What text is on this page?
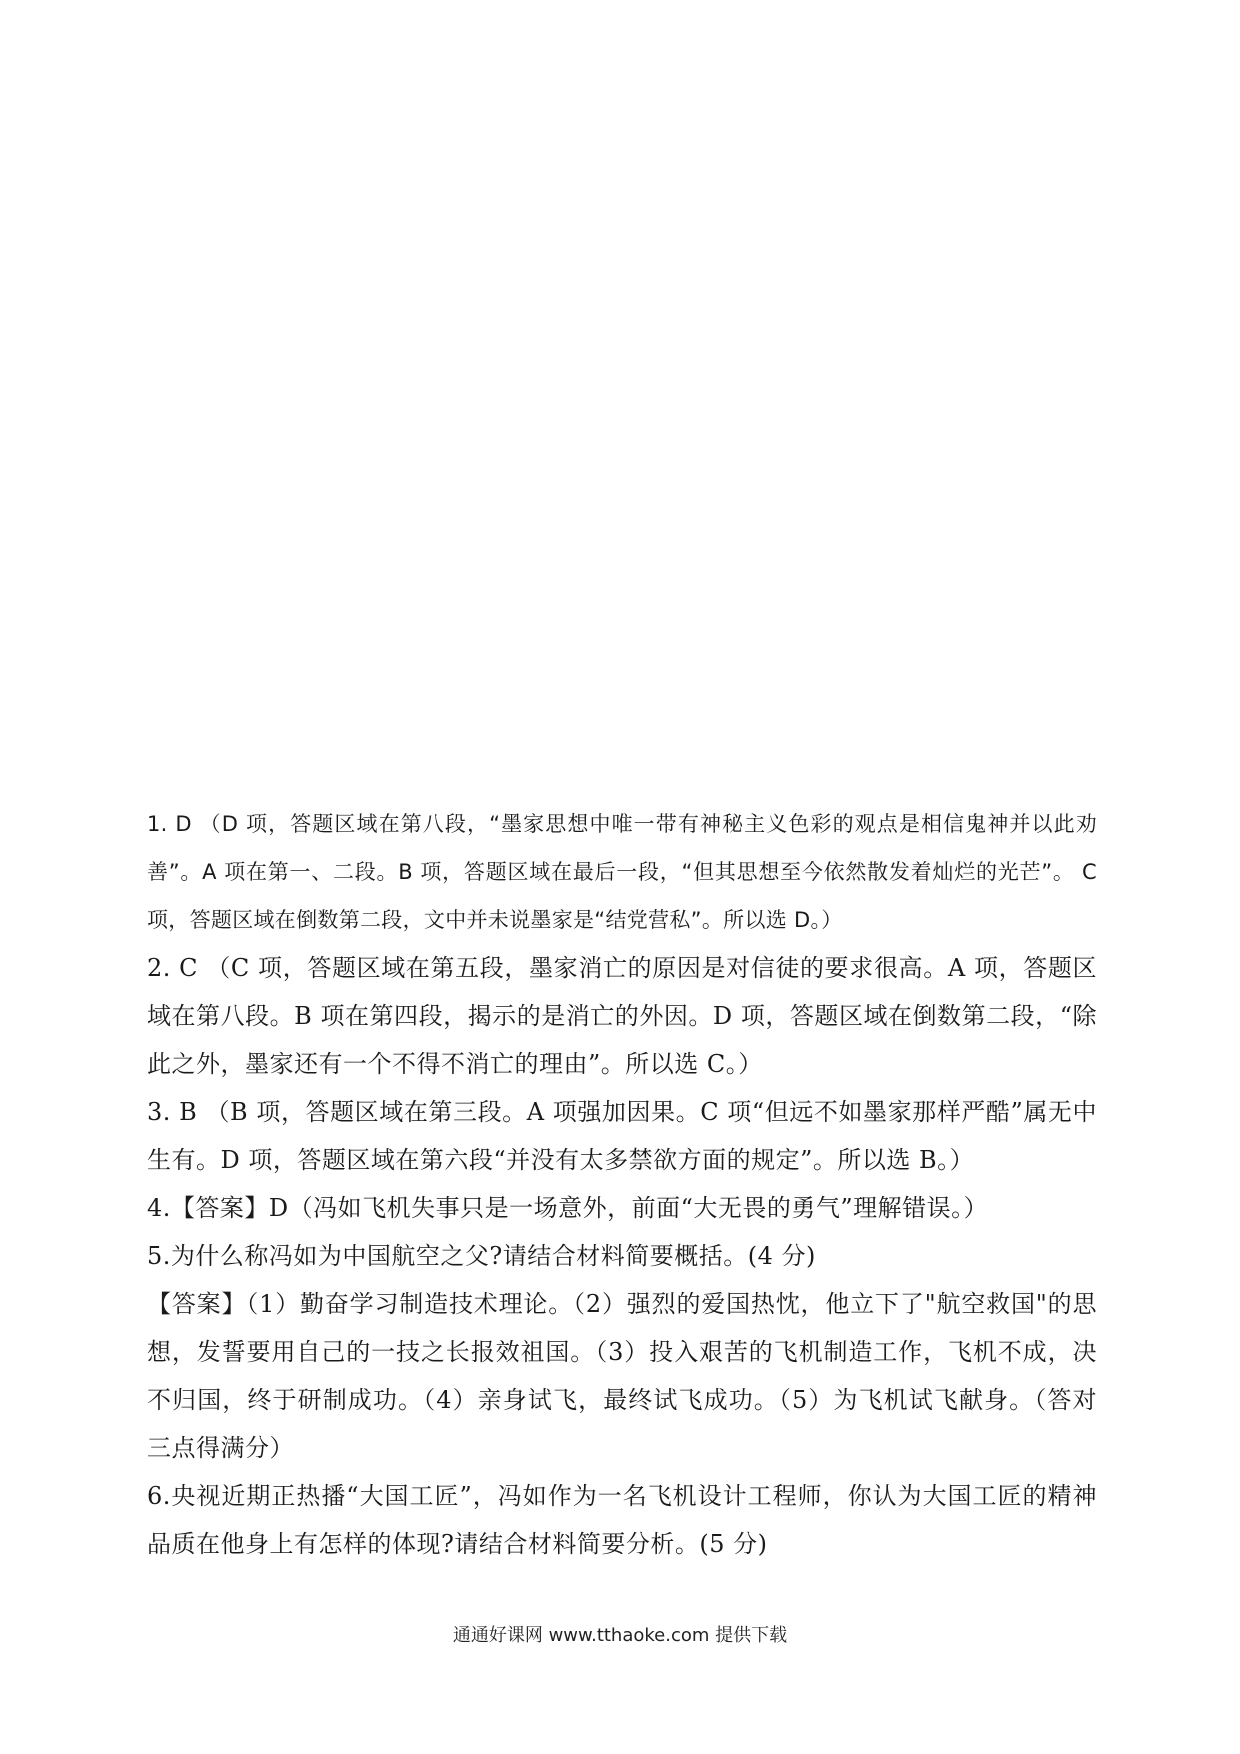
1. D （D 项，答题区域在第八段，“墨家思想中唯一带有神秘主义色彩的观点是相信鬼神并以此劝善”。A 项在第一、二段。B 项，答题区域在最后一段，“但其思想至今依然散发着灿烂的光芒”。 C 项，答题区域在倒数第二段，文中并未说墨家是“结党营私”。所以选 D。）

2. C （C 项，答题区域在第五段，墨家消亡的原因是对信徒的要求很高。A 项，答题区域在第八段。B 项在第四段，揭示的是消亡的外因。D 项，答题区域在倒数第二段，“除此之外，墨家还有一个不得不消亡的理由”。所以选 C。）

3. B （B 项，答题区域在第三段。A 项强加因果。C 项“但远不如墨家那样严酷”属无中生有。D 项，答题区域在第六段“并没有太多禁欲方面的规定”。所以选 B。）

4.【答案】D（冯如飞机失事只是一场意外，前面“大无畏的勇气”理解错误。）

5.为什么称冯如为中国航空之父?请结合材料简要概括。(4 分)

【答案】（1）勤奋学习制造技术理论。（2）强烈的爱国热忱，他立下了"航空救国"的思想，发誓要用自己的一技之长报效祖国。（3）投入艰苦的飞机制造工作，飞机不成，决不归国，终于研制成功。（4）亲身试飞，最终试飞成功。（5）为飞机试飞献身。（答对三点得满分）

6.央视近期正热播“大国工匠”，冯如作为一名飞机设计工程师，你认为大国工匠的精神品质在他身上有怎样的体现?请结合材料简要分析。(5 分)

通通好课网 www.tthaoke.com 提供下载
